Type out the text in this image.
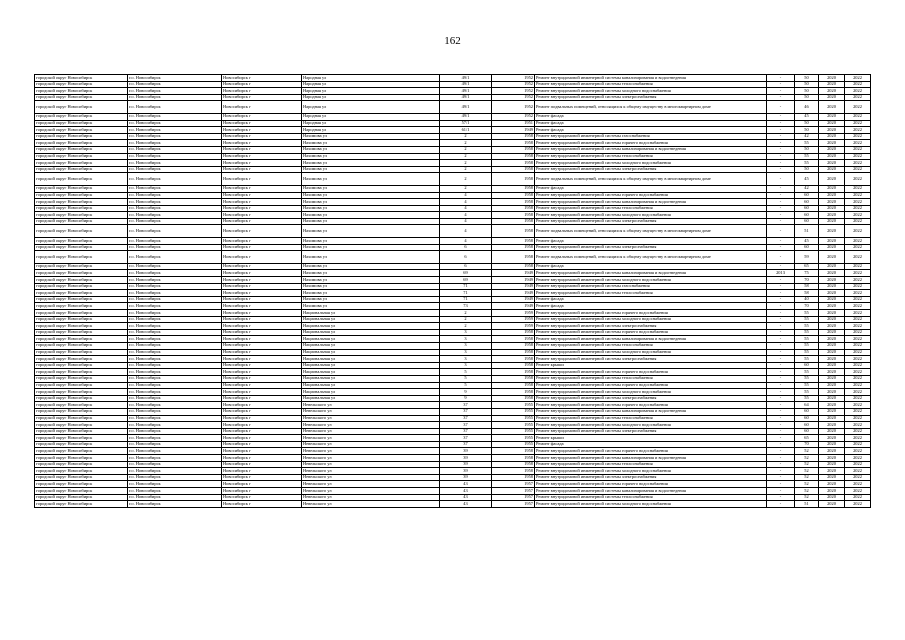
162
городской округ Новосибирск	г.о. Новосибирск	Новосибирск г	Народная ул	49/1	1952	Ремонт внутридомовой инженерной системы канализирования и водоотведения	-	50	2020	2022
городской округ Новосибирск	г.о. Новосибирск	Новосибирск г	Народная ул	49/1	1952	Ремонт внутридомовой инженерной системы теплоснабжения	-	50	2020	2022
городской округ Новосибирск	г.о. Новосибирск	Новосибирск г	Народная ул	49/1	1952	Ремонт внутридомовой инженерной системы холодного водоснабжения	-	50	2020	2022
городской округ Новосибирск	г.о. Новосибирск	Новосибирск г	Народная ул	49/1	1952	Ремонт внутридомовой инженерной системы электроснабжения	-	50	2020	2022
городской округ Новосибирск	г.о. Новосибирск	Новосибирск г	Народная ул	49/1	1952	Ремонт подвальных помещений, относящихся к общему имуществу в многоквартирном доме	-	46	2020	2022
городской округ Новосибирск	г.о. Новосибирск	Новосибирск г	Народная ул	49/1	1952	Ремонт фасада	-	45	2020	2022
городской округ Новосибирск	г.о. Новосибирск	Новосибирск г	Народная ул	57/1	1951	Ремонт фасада	-	50	2020	2022
городской округ Новосибирск	г.о. Новосибирск	Новосибирск г	Народная ул	61/1	1949	Ремонт фасада	-	50	2020	2022
городской округ Новосибирск	г.о. Новосибирск	Новосибирск г	Нахимова ул	2	1958	Ремонт внутридомовой инженерной системы газоснабжения	-	42	2020	2022
городской округ Новосибирск	г.о. Новосибирск	Новосибирск г	Нахимова ул	2	1958	Ремонт внутридомовой инженерной системы горячего водоснабжения	-	55	2020	2022
городской округ Новосибирск	г.о. Новосибирск	Новосибирск г	Нахимова ул	2	1958	Ремонт внутридомовой инженерной системы канализирования и водоотведения	-	50	2020	2022
городской округ Новосибирск	г.о. Новосибирск	Новосибирск г	Нахимова ул	2	1958	Ремонт внутридомовой инженерной системы теплоснабжения	-	55	2020	2022
городской округ Новосибирск	г.о. Новосибирск	Новосибирск г	Нахимова ул	2	1958	Ремонт внутридомовой инженерной системы холодного водоснабжения	-	55	2020	2022
городской округ Новосибирск	г.о. Новосибирск	Новосибирск г	Нахимова ул	2	1958	Ремонт внутридомовой инженерной системы электроснабжения	-	50	2020	2022
городской округ Новосибирск	г.о. Новосибирск	Новосибирск г	Нахимова ул	2	1958	Ремонт подвальных помещений, относящихся к общему имуществу в многоквартирном доме	-	45	2020	2022
городской округ Новосибирск	г.о. Новосибирск	Новосибирск г	Нахимова ул	2	1958	Ремонт фасада	-	42	2020	2022
городской округ Новосибирск	г.о. Новосибирск	Новосибирск г	Нахимова ул	4	1958	Ремонт внутридомовой инженерной системы горячего водоснабжения	-	60	2020	2022
городской округ Новосибирск	г.о. Новосибирск	Новосибирск г	Нахимова ул	4	1958	Ремонт внутридомовой инженерной системы канализирования и водоотведения	-	60	2020	2022
городской округ Новосибирск	г.о. Новосибирск	Новосибирск г	Нахимова ул	4	1958	Ремонт внутридомовой инженерной системы теплоснабжения	-	60	2020	2022
городской округ Новосибирск	г.о. Новосибирск	Новосибирск г	Нахимова ул	4	1958	Ремонт внутридомовой инженерной системы холодного водоснабжения	-	60	2020	2022
городской округ Новосибирск	г.о. Новосибирск	Новосибирск г	Нахимова ул	4	1958	Ремонт внутридомовой инженерной системы электроснабжения	-	60	2020	2022
городской округ Новосибирск	г.о. Новосибирск	Новосибирск г	Нахимова ул	4	1958	Ремонт подвальных помещений, относящихся к общему имуществу в многоквартирном доме	-	51	2020	2022
городской округ Новосибирск	г.о. Новосибирск	Новосибирск г	Нахимова ул	4	1958	Ремонт фасада	-	45	2020	2022
городской округ Новосибирск	г.о. Новосибирск	Новосибирск г	Нахимова ул	6	1958	Ремонт внутридомовой инженерной системы электроснабжения	-	60	2020	2022
городской округ Новосибирск	г.о. Новосибирск	Новосибирск г	Нахимова ул	6	1958	Ремонт подвальных помещений, относящихся к общему имуществу в многоквартирном доме	-	59	2020	2022
городской округ Новосибирск	г.о. Новосибирск	Новосибирск г	Нахимова ул	6	1958	Ремонт фасада	-	65	2020	2022
городской округ Новосибирск	г.о. Новосибирск	Новосибирск г	Нахимова ул	69	1949	Ремонт внутридомовой инженерной системы канализирования и водоотведения	2013	75	2020	2022
городской округ Новосибирск	г.о. Новосибирск	Новосибирск г	Нахимова ул	69	1949	Ремонт внутридомовой инженерной системы холодного водоснабжения	-	70	2020	2022
городской округ Новосибирск	г.о. Новосибирск	Новосибирск г	Нахимова ул	71	1949	Ремонт внутридомовой инженерной системы газоснабжения	-	58	2020	2022
городской округ Новосибирск	г.о. Новосибирск	Новосибирск г	Нахимова ул	71	1949	Ремонт внутридомовой инженерной системы теплоснабжения	-	58	2020	2022
городской округ Новосибирск	г.о. Новосибирск	Новосибирск г	Нахимова ул	71	1949	Ремонт фасада	-	40	2020	2022
городской округ Новосибирск	г.о. Новосибирск	Новосибирск г	Нахимова ул	73	1949	Ремонт фасада	-	70	2020	2022
городской округ Новосибирск	г.о. Новосибирск	Новосибирск г	Национальная ул	2	1959	Ремонт внутридомовой инженерной системы горячего водоснабжения	-	55	2020	2022
городской округ Новосибирск	г.о. Новосибирск	Новосибирск г	Национальная ул	2	1959	Ремонт внутридомовой инженерной системы холодного водоснабжения	-	55	2020	2022
городской округ Новосибирск	г.о. Новосибирск	Новосибирск г	Национальная ул	2	1959	Ремонт внутридомовой инженерной системы электроснабжения	-	55	2020	2022
городской округ Новосибирск	г.о. Новосибирск	Новосибирск г	Национальная ул	3	1958	Ремонт внутридомовой инженерной системы горячего водоснабжения	-	55	2020	2022
городской округ Новосибирск	г.о. Новосибирск	Новосибирск г	Национальная ул	3	1958	Ремонт внутридомовой инженерной системы канализирования и водоотведения	-	55	2020	2022
городской округ Новосибирск	г.о. Новосибирск	Новосибирск г	Национальная ул	3	1958	Ремонт внутридомовой инженерной системы теплоснабжения	-	55	2020	2022
городской округ Новосибирск	г.о. Новосибирск	Новосибирск г	Национальная ул	3	1958	Ремонт внутридомовой инженерной системы холодного водоснабжения	-	55	2020	2022
городской округ Новосибирск	г.о. Новосибирск	Новосибирск г	Национальная ул	3	1958	Ремонт внутридомовой инженерной системы электроснабжения	-	55	2020	2022
городской округ Новосибирск	г.о. Новосибирск	Новосибирск г	Национальная ул	3	1958	Ремонт крыши	-	60	2020	2022
городской округ Новосибирск	г.о. Новосибирск	Новосибирск г	Национальная ул	5	1958	Ремонт внутридомовой инженерной системы горячего водоснабжения	-	55	2020	2022
городской округ Новосибирск	г.о. Новосибирск	Новосибирск г	Национальная ул	5	1958	Ремонт внутридомовой инженерной системы теплоснабжения	-	55	2020	2022
городской округ Новосибирск	г.о. Новосибирск	Новосибирск г	Национальная ул	5	1958	Ремонт внутридомовой инженерной системы горячего водоснабжения	-	55	2020	2022
городской округ Новосибирск	г.о. Новосибирск	Новосибирск г	Национальная ул	9	1958	Ремонт внутридомовой инженерной системы холодного водоснабжения	-	55	2020	2022
городской округ Новосибирск	г.о. Новосибирск	Новосибирск г	Национальная ул	9	1958	Ремонт внутридомовой инженерной системы электроснабжения	-	55	2020	2022
городской округ Новосибирск	г.о. Новосибирск	Новосибирск г	Невельского ул	37	1955	Ремонт внутридомовой инженерной системы горячего водоснабжения	-	64	2020	2022
городской округ Новосибирск	г.о. Новосибирск	Новосибирск г	Невельского ул	37	1955	Ремонт внутридомовой инженерной системы канализирования и водоотведения	-	60	2020	2022
городской округ Новосибирск	г.о. Новосибирск	Новосибирск г	Невельского ул	37	1955	Ремонт внутридомовой инженерной системы теплоснабжения	-	60	2020	2022
городской округ Новосибирск	г.о. Новосибирск	Новосибирск г	Невельского ул	37	1955	Ремонт внутридомовой инженерной системы холодного водоснабжения	-	60	2020	2022
городской округ Новосибирск	г.о. Новосибирск	Новосибирск г	Невельского ул	37	1955	Ремонт внутридомовой инженерной системы электроснабжения	-	60	2020	2022
городской округ Новосибирск	г.о. Новосибирск	Новосибирск г	Невельского ул	37	1955	Ремонт крыши	-	65	2020	2022
городской округ Новосибирск	г.о. Новосибирск	Новосибирск г	Невельского ул	37	1955	Ремонт фасада	-	70	2020	2022
городской округ Новосибирск	г.о. Новосибирск	Новосибирск г	Невельского ул	39	1958	Ремонт внутридомовой инженерной системы горячего водоснабжения	-	52	2020	2022
городской округ Новосибирск	г.о. Новосибирск	Новосибирск г	Невельского ул	39	1958	Ремонт внутридомовой инженерной системы канализирования и водоотведения	-	52	2020	2022
городской округ Новосибирск	г.о. Новосибирск	Новосибирск г	Невельского ул	39	1958	Ремонт внутридомовой инженерной системы теплоснабжения	-	52	2020	2022
городской округ Новосибирск	г.о. Новосибирск	Новосибирск г	Невельского ул	39	1958	Ремонт внутридомовой инженерной системы холодного водоснабжения	-	52	2020	2022
городской округ Новосибирск	г.о. Новосибирск	Новосибирск г	Невельского ул	39	1958	Ремонт внутридомовой инженерной системы электроснабжения	-	52	2020	2022
городской округ Новосибирск	г.о. Новосибирск	Новосибирск г	Невельского ул	43	1957	Ремонт внутридомовой инженерной системы горячего водоснабжения	-	52	2020	2022
городской округ Новосибирск	г.о. Новосибирск	Новосибирск г	Невельского ул	43	1957	Ремонт внутридомовой инженерной системы канализирования и водоотведения	-	52	2020	2022
городской округ Новосибирск	г.о. Новосибирск	Новосибирск г	Невельского ул	43	1957	Ремонт внутридомовой инженерной системы теплоснабжения	-	52	2020	2022
городской округ Новосибирск	г.о. Новосибирск	Новосибирск г	Невельского ул	43	1957	Ремонт внутридомовой инженерной системы холодного водоснабжения	-	51	2020	2022
